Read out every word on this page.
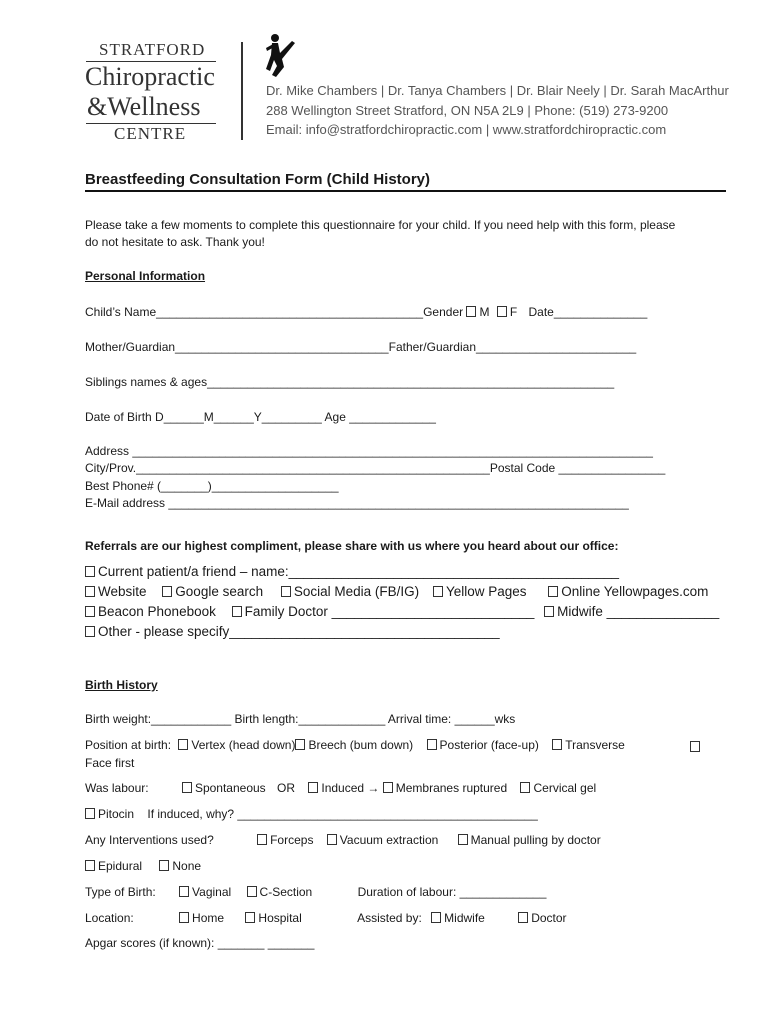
STRATFORD
Chiropractic
&Wellness
CENTRE
Dr. Mike Chambers | Dr. Tanya Chambers | Dr. Blair Neely | Dr. Sarah MacArthur
288 Wellington Street Stratford, ON N5A 2L9 | Phone: (519) 273-9200
Email: info@stratfordchiropractic.com | www.stratfordchiropractic.com
Breastfeeding Consultation Form (Child History)
Please take a few moments to complete this questionnaire for your child. If you need help with this form, please
do not hesitate to ask. Thank you!
Personal Information
Child’s Name________________________________________Gender M F Date______________
Mother/Guardian________________________________Father/Guardian________________________
Siblings names & ages_____________________________________________________________
Date of Birth D______M______Y_________ Age _____________
Address ______________________________________________________________________________
City/Prov._____________________________________________________Postal Code ________________
Best Phone# (_______)___________________
E-Mail address _____________________________________________________________________
Referrals are our highest compliment, please share with us where you heard about our office:
Current patient/a friend – name:____________________________________________
Website Google search Social Media (FB/IG) Yellow Pages	Online Yellowpages.com
Beacon Phonebook Family Doctor ___________________________ Midwife _______________
Other - please specify____________________________________
Birth History
Birth weight:____________ Birth length:_____________ Arrival time: ______wks
Position at birth: Vertex (head down) Breech (bum down) Posterior (face-up) Transverse
Face first
Was labour:	Spontaneous OR Induced → Membranes ruptured Cervical gel
Pitocin If induced, why? _____________________________________________
Any Interventions used?	Forceps Vacuum extraction	Manual pulling by doctor
Epidural	None
Type of Birth:	Vaginal C-Section	Duration of labour: _____________
Location:	Home	Hospital	Assisted by: Midwife	Doctor
Apgar scores (if known): _______ _______
